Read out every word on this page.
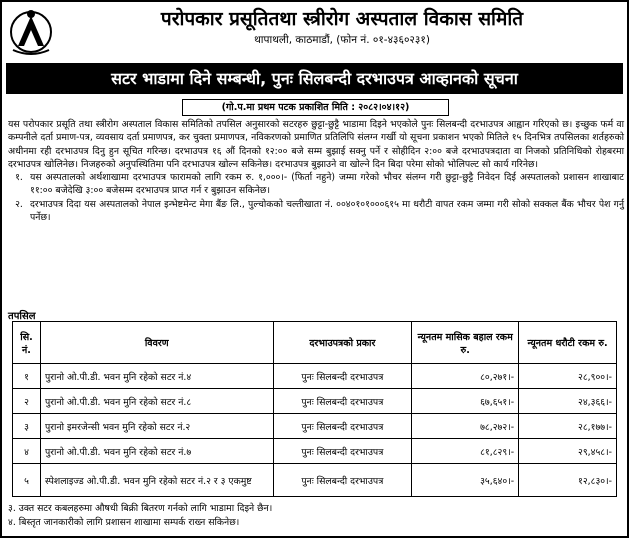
परोपकार प्रसूतितथा स्त्रीरोग अस्पताल विकास समिति
थापाथली, काठमाडौं, (फोन नं. ०१-४३६०२३१)
सटर भाडामा दिने सम्बन्धी, पुनः सिलबन्दी दरभाउपत्र आव्हानको सूचना
(गो.प.मा प्रथम पटक प्रकाशित मिति : २०८२।०४।१२)

यस परोपकार प्रसूति तथा स्त्रीरोग अस्पताल विकास समितिको तपसिल अनुसारको सटरहरु छुट्टा-छुट्टै भाडामा दिइने भएकोले पुनः सिलबन्दी दरभाउपत्र आह्वान गरिएको छ। इच्छुक फर्म वा कम्पनीले दर्ता प्रमाण-पत्र, व्यवसाय दर्ता प्रमाणपत्र, कर चुक्ता प्रमाणपत्र, नविकरणको प्रमाणित प्रतिलिपि संलग्न गर्खी यो सूचना प्रकाशन भएको मितिले १५ दिनभित्र तपसिलका शर्तहरुको अधीनमा रही दरभाउपत्र दिनु हुन सूचित गरिन्छ। दरभाउपत्र १६ औं दिनको १२:०० बजे सम्म बुझाई सक्नु पर्ने र सोहीदिन २:०० बजे दरभाउपत्रदाता वा निजको प्रतिनिधिको रोहबरमा दरभाउपत्र खोलिनेछ। निजहरुको अनुपस्थितिमा पनि दरभाउपत्र खोल्न सकिनेछ। दरभाउपत्र बुझाउने वा खोल्ने दिन बिदा परेमा सोको भोलिपल्ट सो कार्य गरिनेछ।

१. यस अस्पतालको अर्थशाखामा दरभाउपत्र फारामको लागि रकम रु. १,०००।- (फिर्ता नहुने) जम्मा गरेको भौचर संलग्न गरी छुट्टा-छुट्टै निवेदन दिई अस्पतालको प्रशासन शाखाबाट ११:०० बजेदेखि ३:०० बजेसम्म दरभाउपत्र प्राप्त गर्न र बुझाउन सकिनेछ।
२. दरभाउपत्र दिदा यस अस्पतालको नेपाल इन्भेष्टमेन्ट मेगा बैंङ लि., पुल्चोकको चल्तीखाता नं. ००४०१०१०००६१५ मा धरौटी वापत रकम जम्मा गरी सोको सक्कल बैंक भौचर पेश गर्नु पर्नेछ।
तपसिल
सि. नं.	विवरण	दरभाउपत्रको प्रकार	न्यूनतम मासिक बहाल रकम रु.	न्यूनतम धरौटी रकम रु.
१	पुरानो ओ.पी.डी. भवन मुनि रहेको सटर नं.४	पुनः सिलबन्दी दरभाउपत्र	८०,२७१।-	२८,९००।-
२	पुरानो ओ.पी.डी. भवन मुनि रहेको सटर नं.८	पुनः सिलबन्दी दरभाउपत्र	६७,६५१।-	२४,३६६।-
३	पुरानो इमरजेन्सी भवन मुनि रहेको सटर नं.२	पुनः सिलबन्दी दरभाउपत्र	७८,२७२।-	२८,१७७।-
४	पुरानो ओ.पी.डी. भवन मुनि रहेको सटर नं.७	पुनः सिलबन्दी दरभाउपत्र	८१,८२९।-	२९,४५८।-
५	स्पेशलाइज्ड ओ.पी.डी. भवन मुनि रहेको सटर नं.२ र ३ एकमुष्ट	पुनः सिलबन्दी दरभाउपत्र	३५,६४०।-	१२,८३०।-

३. उक्त सटर कबलहरुमा औषधी बिक्री बितरण गर्नको लागि भाडामा दिइने छैन।

४. बिस्तृत जानकारीको लागि प्रशासन शाखामा सम्पर्क राख्न सकिनेछ।
